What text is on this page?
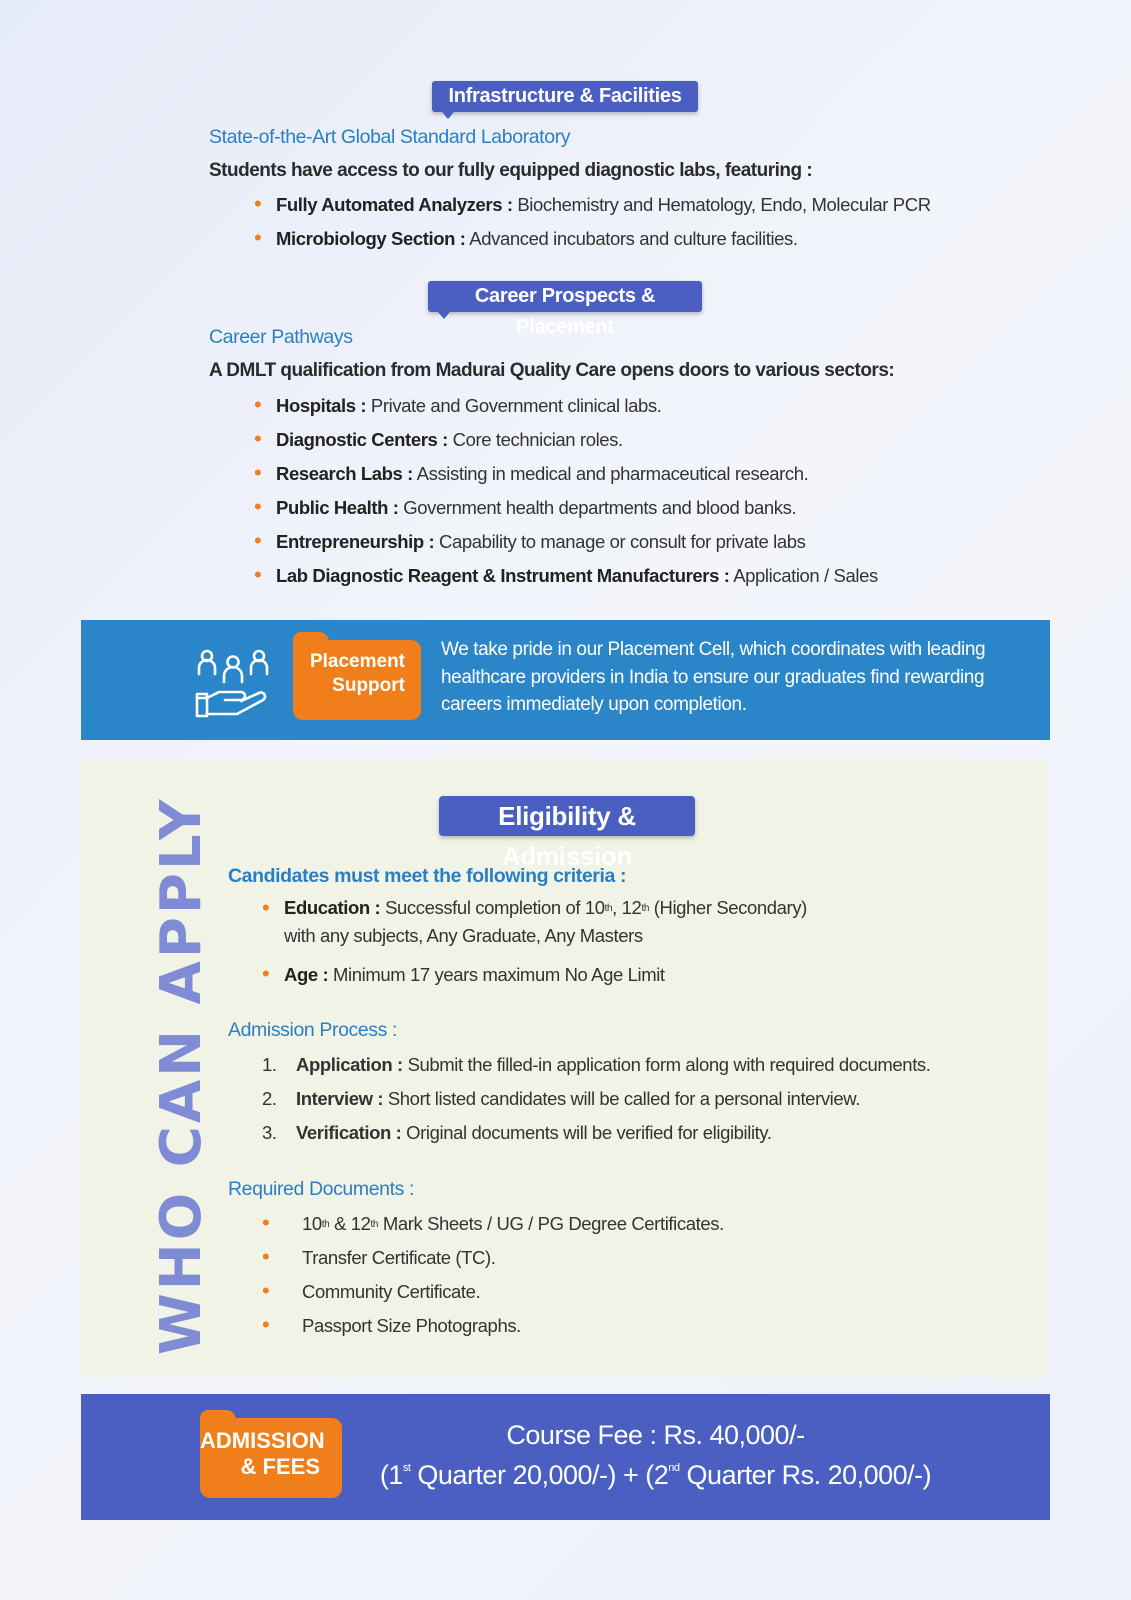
Infrastructure & Facilities
State-of-the-Art Global Standard Laboratory
Students have access to our fully equipped diagnostic labs, featuring :
• Fully Automated Analyzers : Biochemistry and Hematology, Endo, Molecular PCR
• Microbiology Section : Advanced incubators and culture facilities.
Career Prospects & Placement
Career Pathways
A DMLT qualification from Madurai Quality Care opens doors to various sectors:
• Hospitals : Private and Government clinical labs.
• Diagnostic Centers : Core technician roles.
• Research Labs : Assisting in medical and pharmaceutical research.
• Public Health : Government health departments and blood banks.
• Entrepreneurship : Capability to manage or consult for private labs
• Lab Diagnostic Reagent & Instrument Manufacturers : Application / Sales
Placement
Support
We take pride in our Placement Cell, which coordinates with leading healthcare providers in India to ensure our graduates find rewarding careers immediately upon completion.
WHO CAN APPLY	Eligibility & Admission
Candidates must meet the following criteria :
• Education : Successful completion of 10th, 12th (Higher Secondary)
with any subjects, Any Graduate, Any Masters
• Age : Minimum 17 years maximum No Age Limit
Admission Process :
1. Application : Submit the filled-in application form along with required documents.
2. Interview : Short listed candidates will be called for a personal interview.
3. Verification : Original documents will be verified for eligibility.
Required Documents :
• 10th & 12th Mark Sheets / UG / PG Degree Certificates.
• Transfer Certificate (TC).
• Community Certificate.
• Passport Size Photographs.
ADMISSION
& FEES
Course Fee : Rs. 40,000/-
(1st Quarter 20,000/-) + (2nd Quarter Rs. 20,000/-)
